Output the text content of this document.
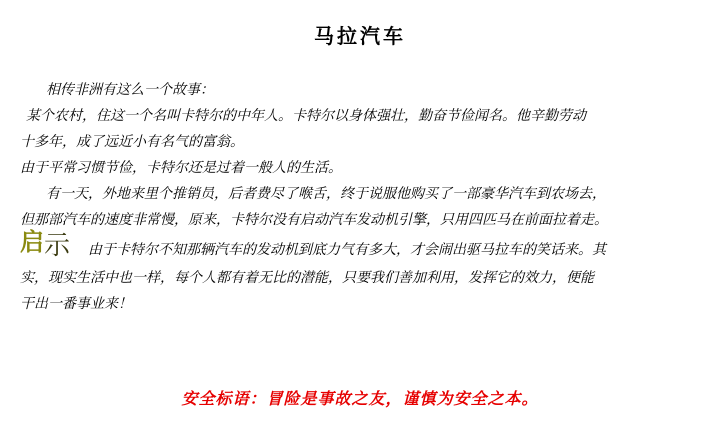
马拉汽车

相传非洲有这么一个故事：

某个农村，住这一个名叫卡特尔的中年人。卡特尔以身体强壮，勤奋节俭闻名。他辛勤劳动

十多年，成了远近小有名气的富翁。

由于平常习惯节俭，卡特尔还是过着一般人的生活。

有一天，外地来里个推销员，后者费尽了喉舌，终于说服他购买了一部豪华汽车到农场去，

但那部汽车的速度非常慢，原来，卡特尔没有启动汽车发动机引擎，只用四匹马在前面拉着走。

启示 由于卡特尔不知那辆汽车的发动机到底力气有多大，才会闹出驱马拉车的笑话来。其

实，现实生活中也一样，每个人都有着无比的潜能，只要我们善加利用，发挥它的效力，便能

干出一番事业来！

安全标语：冒险是事故之友，谨慎为安全之本。
